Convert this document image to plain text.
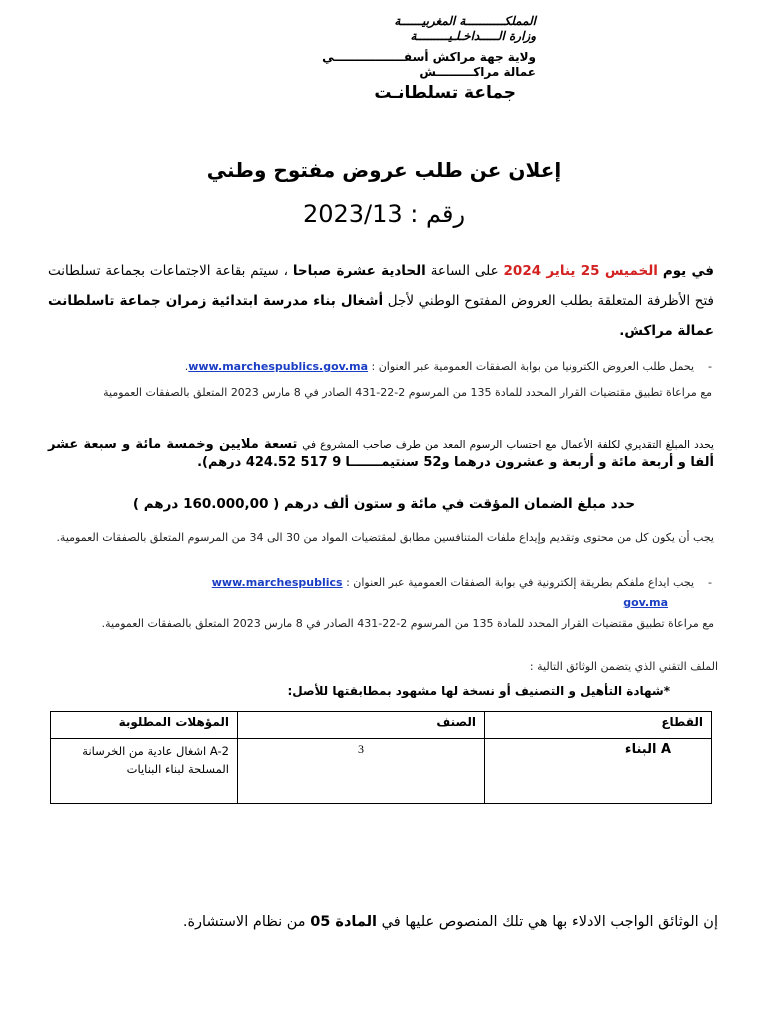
المملكـــــــــــة المغربيــــــة
وزارة الـــــداخـلـيـــــــــة
ولاية جهة مراكش أسفـــــــــــــــــي
عمالة مراكـــــــــش
جماعة تسلطانـت
إعلان عن طلب عروض مفتوح وطني
رقم : 2023/13
في يوم الخميس 25 يناير 2024 على الساعة الحادية عشرة صباحا ، سيتم بقاعة الاجتماعات بجماعة تسلطانت فتح الأظرفة المتعلقة بطلب العروض المفتوح الوطني لأجل أشغال بناء مدرسة ابتدائية زمران جماعة تاسلطانت عمالة مراكش.
-    يحمل طلب العروض الكترونيا من بوابة الصفقات العمومية عبر العنوان : www.marchespublics.gov.ma.
مع مراعاة تطبيق مقتضيات القرار المحدد للمادة 135 من المرسوم 2-22-431 الصادر في 8 مارس 2023 المتعلق بالصفقات العمومية
يحدد المبلغ التقديري لكلفة الأعمال مع احتساب الرسوم المعد من طرف صاحب المشروع في تسعة ملايين وخمسة مائة و سبعة عشر ألفا و أربعة مائة و أربعة و عشرون درهما و52 سنتيمـــــــا 9 517 424.52 درهم).
حدد مبلغ الضمان المؤقت في مائة و ستون ألف درهم ( 160.000,00 درهم )
يجب أن يكون كل من محتوى وتقديم وإيداع ملفات المتنافسين مطابق لمقتضيات المواد من 30 الى 34 من المرسوم المتعلق بالصفقات العمومية.
-    يجب ايداع ملفكم بطريقة إلكترونية في بوابة الصفقات العمومية عبر العنوان : www.marchespublics
gov.ma
مع مراعاة تطبيق مقتضيات القرار المحدد للمادة 135 من المرسوم 2-22-431 الصادر في 8 مارس 2023 المتعلق بالصفقات العمومية.
الملف التقني الذي يتضمن الوثائق التالية :
*شهادة التأهيل و التصنيف أو نسخة لها مشهود بمطابقتها للأصل:
القطاع	الصنف	المؤهلات المطلوبة
A البناء	3	A-2 اشغال عادية من الخرسانة المسلحة لبناء البنايات
إن الوثائق الواجب الادلاء بها هي تلك المنصوص عليها في المادة 05 من نظام الاستشارة.
